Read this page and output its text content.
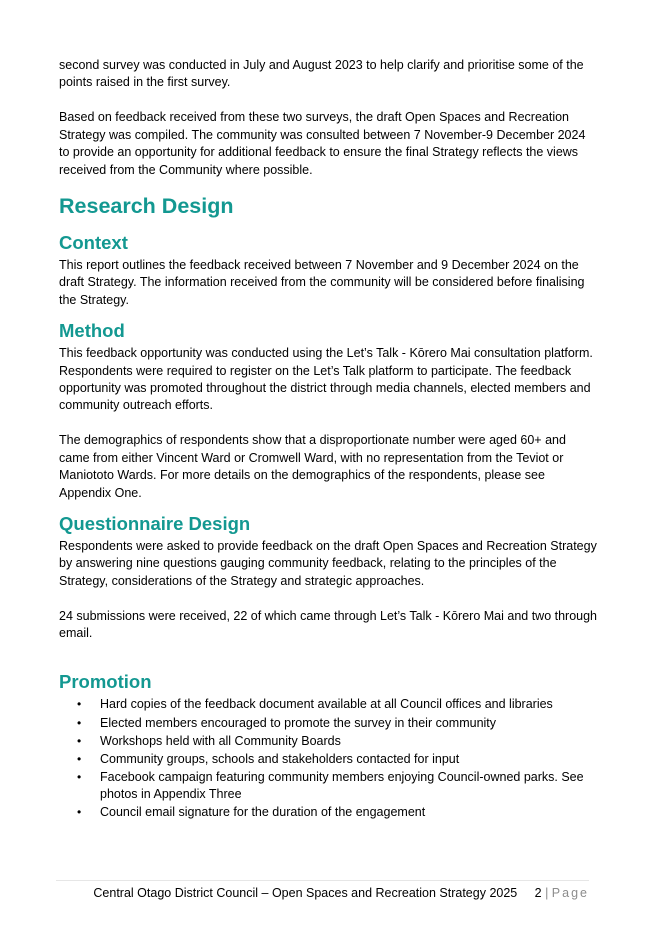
second survey was conducted in July and August 2023 to help clarify and prioritise some of the points raised in the first survey.

Based on feedback received from these two surveys, the draft Open Spaces and Recreation Strategy was compiled. The community was consulted between 7 November-9 December 2024 to provide an opportunity for additional feedback to ensure the final Strategy reflects the views received from the Community where possible.

Research Design
Context

This report outlines the feedback received between 7 November and 9 December 2024 on the draft Strategy. The information received from the community will be considered before finalising the Strategy.

Method

This feedback opportunity was conducted using the Let’s Talk - Kōrero Mai consultation platform. Respondents were required to register on the Let’s Talk platform to participate. The feedback opportunity was promoted throughout the district through media channels, elected members and community outreach efforts.

The demographics of respondents show that a disproportionate number were aged 60+ and came from either Vincent Ward or Cromwell Ward, with no representation from the Teviot or Maniototo Wards. For more details on the demographics of the respondents, please see Appendix One.

Questionnaire Design

Respondents were asked to provide feedback on the draft Open Spaces and Recreation Strategy by answering nine questions gauging community feedback, relating to the principles of the Strategy, considerations of the Strategy and strategic approaches.

24 submissions were received, 22 of which came through Let’s Talk - Kōrero Mai and two through email.

Promotion
• Hard copies of the feedback document available at all Council offices and libraries
• Elected members encouraged to promote the survey in their community
• Workshops held with all Community Boards
• Community groups, schools and stakeholders contacted for input
• Facebook campaign featuring community members enjoying Council-owned parks. See photos in Appendix Three
• Council email signature for the duration of the engagement
Central Otago District Council – Open Spaces and Recreation Strategy 2025 2 | Page
